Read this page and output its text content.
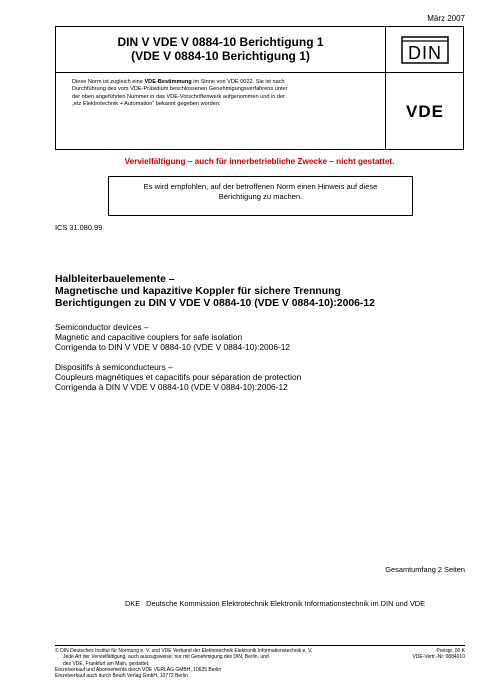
März 2007
DIN V VDE V 0884-10 Berichtigung 1
(VDE V 0884-10 Berichtigung 1)	DIN
Diese Norm ist zugleich eine VDE-Bestimmung im Sinne von VDE 0022. Sie ist nach
Durchführung des vom VDE-Präsidium beschlossenen Genehmigungsverfahrens unter
der oben angeführten Nummer in das VDE-Vorschriftenwerk aufgenommen und in der
„etz Elektrotechnik + Automation“ bekannt gegeben worden.	VDE
Vervielfältigung – auch für innerbetriebliche Zwecke – nicht gestattet.
Es wird empfohlen, auf der betroffenen Norm einen Hinweis auf diese
Berichtigung zu machen.
ICS 31.080.99
Halbleiterbauelemente –
Magnetische und kapazitive Koppler für sichere Trennung
Berichtigungen zu DIN V VDE V 0884-10 (VDE V 0884-10):2006-12
Semiconductor devices –
Magnetic and capacitive couplers for safe isolation
Corrigenda to DIN V VDE V 0884-10 (VDE V 0884-10):2006-12
Dispositifs à semiconducteurs –
Coupleurs magnétiques et capacitifs pour séparation de protection
Corrigenda à DIN V VDE V 0884-10 (VDE V 0884-10):2006-12
Gesamtumfang 2 Seiten
DKE Deutsche Kommission Elektrotechnik Elektronik Informationstechnik im DIN und VDE
© DIN Deutsches Institut für Normung e. V. und VDE Verband der Elektrotechnik Elektronik Informationstechnik e. V.
Jede Art der Vervielfältigung, auch auszugsweise, nur mit Genehmigung des DIN, Berlin, und
des VDE, Frankfurt am Main, gestattet.
Einzelverkauf und Abonnements durch VDE VERLAG GMBH, 10625 Berlin
Einzelverkauf auch durch Beuth Verlag GmbH, 10772 Berlin
Preisgr. 00 K
VDE-Vertr.-Nr. 0884010
